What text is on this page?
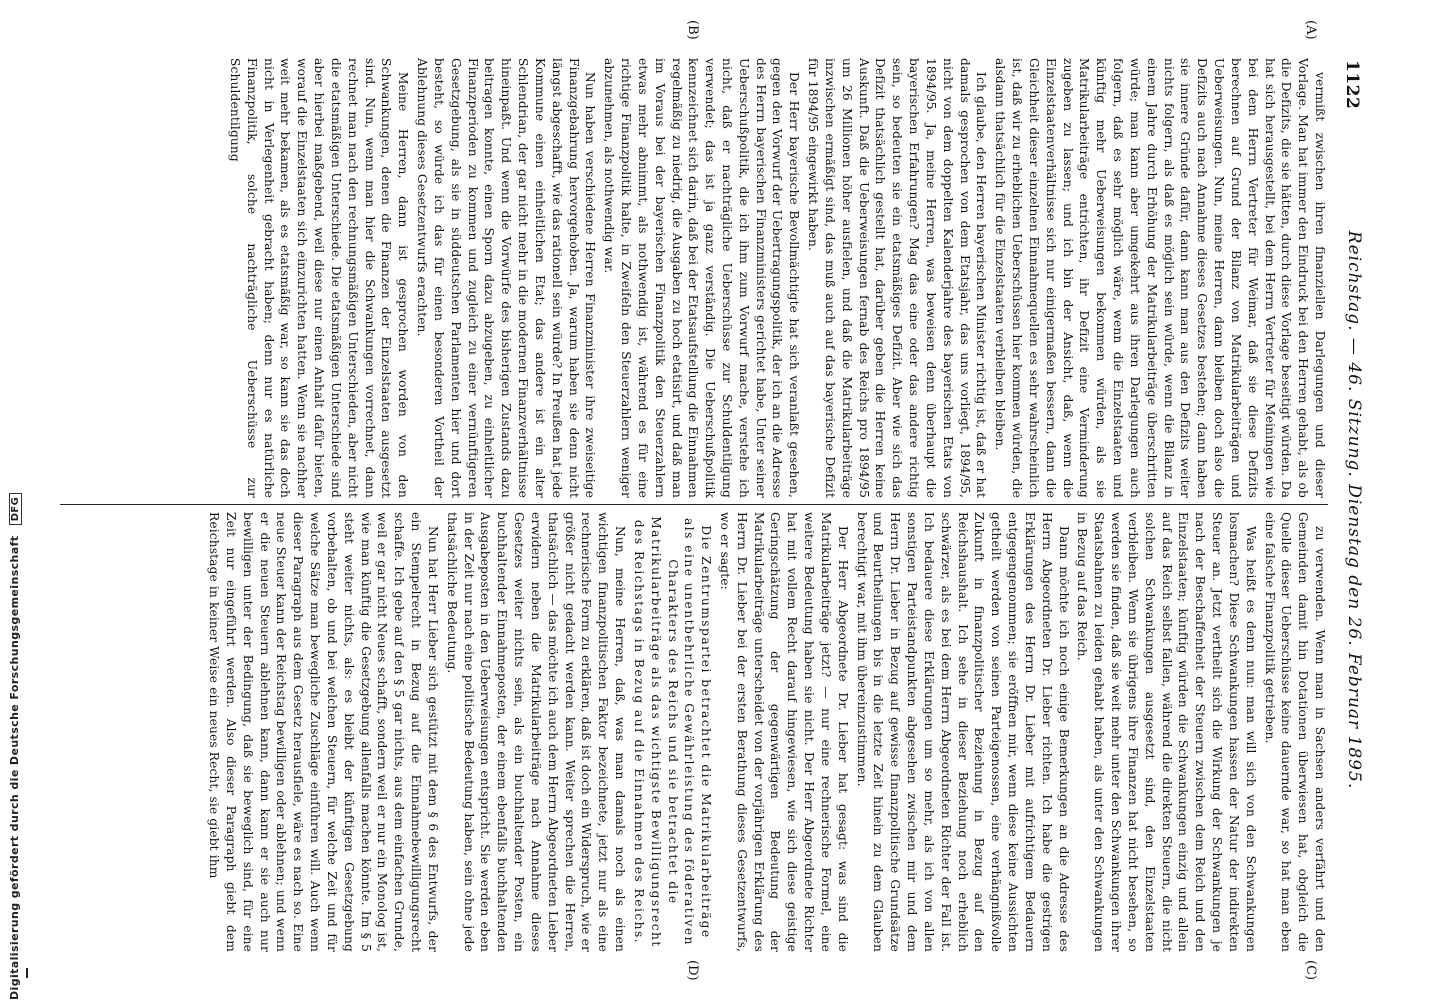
1122
Reichstag. — 46. Sitzung. Dienstag den 26. Februar 1895.
(A)
(B)
(C)
(D)

vermißt zwischen ihren finanziellen Darlegungen und dieser Vorlage. Man hat immer den Eindruck bei den Herren gehabt, als ob die Defizits, die sie hätten, durch diese Vorlage beseitigt würden. Da hat sich herausgestellt, bei dem Herrn Vertreter für Meiningen wie bei dem Herrn Vertreter für Weimar, daß sie diese Defizits berechnen auf Grund der Bilanz von Matrikularbeiträgen und Ueberweisungen. Nun, meine Herren, dann bleiben doch also die Defizits auch nach Annahme dieses Gesetzes bestehen; dann haben sie innere Gründe dafür, dann kann man aus den Defizits weiter nichts folgern, als daß es möglich sein würde, wenn die Bilanz in einem Jahre durch Erhöhung der Matrikularbeiträge überschritten würde; man kann aber umgekehrt aus ihren Darlegungen auch folgern, daß es sehr möglich wäre, wenn die Einzelstaaten und künftig mehr Ueberweisungen bekommen würden, als sie Matrikularbeiträge entrichten, ihr Defizit eine Verminderung zugeben zu lassen; und ich bin der Ansicht, daß, wenn die Einzelstaatenverhältnisse sich nur einigermaßen bessern, dann die Gleichheit dieser einzelnen Einnahmequellen es sehr wahrscheinlich ist, daß wir zu erheblichen Ueberschüssen hier kommen würden, die alsdann thatsächlich für die Einzelstaaten verbleiben bleiben.

Ich glaube, den Herren bayerischen Minister richtig ist, daß er hat damals gesprochen von dem Etatsjahr, das uns vorliegt, 1894/95, nicht von dem doppelten Kalenderjahre des bayerischen Etats von 1894/95. Ja, meine Herren, was beweisen denn überhaupt die bayerischen Erfahrungen? Mag das eine oder das andere richtig sein, so bedeuten sie ein etatsmäßiges Defizit. Aber wie sich das Defizit thatsächlich gestellt hat, darüber geben die Herren keine Auskunft. Daß die Ueberweisungen fernab des Reichs pro 1894/95 um 26 Millionen höher ausfielen, und daß die Matrikularbeiträge inzwischen ermäßigt sind, das muß auch auf das bayerische Defizit für 1894/95 eingewirkt haben.

Der Herr bayerische Bevollmächtigte hat sich veranlaßt gesehen, gegen den Vorwurf der Uebertragungspolitik, der ich an die Adresse des Herrn bayerischen Finanzministers gerichtet habe, Unter seiner Ueberschußpolitik, die ich ihm zum Vorwurf mache, verstehe ich nicht, daß er nachträgliche Ueberschüsse zur Schuldentilgung verwendet; das ist ja ganz verständig. Die Ueberschußpolitik kennzeichnet sich darin, daß bei der Etatsaufstellung die Einnahmen regelmäßig zu niedrig, die Ausgaben zu hoch etatisirt, und daß man im Voraus bei der bayerischen Finanzpolitik den Steuerzahlern etwas mehr abnimmt, als nothwendig ist, während es für eine richtige Finanzpolitik halte, in Zweifeln den Steuerzahlern weniger abzunehmen, als nothwendig war.

Nun haben verschiedene Herren Finanzminister ihre zweiseitige Finanzgebahrung hervorgehoben. Ja, warum haben sie denn nicht längst abgeschafft, wie das rationell sein würde? In Preußen hat jede Kommune einen einheitlichen Etat; das andere ist ein alter Schlendrian, der gar nicht mehr in die modernen Finanzverhältnisse hineinpaßt. Und wenn die Vorwürfe des bisherigen Zustands dazu beitragen konnte, einen Sporn dazu abzugeben, zu einheitlicher Finanzperioden zu kommen und zugleich zu einer vernünftigeren Gesetzgebung, als sie in süddeutschen Parlamenten hier und dort besteht, so würde ich das für einen besonderen Vortheil der Ablehnung dieses Gesetzentwurfs erachten.

Meine Herren, dann ist gesprochen worden von den Schwankungen, denen die Finanzen der Einzelstaaten ausgesetzt sind. Nun, wenn man hier die Schwankungen vorrechnet, dann rechnet man nach den rechnungsmäßigen Unterschieden, aber nicht die etatsmäßigen Unterschiede. Die etatsmäßigen Unterschiede sind aber hierbei maßgebend, weil diese nur einen Anhalt dafür bieten, worauf die Einzelstaaten sich einzurichten hatten. Wenn sie nachher weit mehr bekamen, als es etatsmäßig war, so kann sie das doch nicht in Verlegenheit gebracht haben; denn nur es natürliche Finanzpolitik, solche nachträgliche Ueberschüsse zur Schuldentilgung

zu verwenden. Wenn man in Sachsen anders verfährt und den Gemeinden damit hin Dotationen überwiesen hat, obgleich die Quelle dieser Ueberschüsse keine dauernde war, so hat man eben eine falsche Finanzpolitik getrieben.

Was heißt es denn nun: man will sich von den Schwankungen losmachen? Diese Schwankungen hassen der Natur der indirekten Steuer an. Jetzt vertheilt sich die Wirkung der Schwankungen je nach der Beschaffenheit der Steuern zwischen dem Reich und den Einzelstaaten; künftig würden die Schwankungen einzig und allein auf das Reich selbst fallen, während die direkten Steuern, die nicht solchen Schwankungen ausgesetzt sind, den Einzelstaaten verbleiben. Wenn sie übrigens ihre Finanzen hat nicht besehen, so werden sie finden, daß sie weit mehr unter den Schwankungen ihrer Staatsbahnen zu leiden gehabt haben, als unter den Schwankungen in Bezug auf das Reich.

Dann möchte ich noch einige Bemerkungen an die Adresse des Herrn Abgeordneten Dr. Lieber richten. Ich habe die gestrigen Erklärungen des Herrn Dr. Lieber mit aufrichtigem Bedauern entgegengenommen; sie eröffnen mir, wenn diese keine Aussichten getheilt werden von seinen Parteigenossen, eine verhängnißvolle Zukunft in finanzpolitischer Beziehung in Bezug auf den Reichshaushalt. Ich sehe in dieser Beziehung noch erheblich schwärzer, als es bei dem Herrn Abgeordneten Richter der Fall ist. Ich bedauere diese Erklärungen um so mehr, als ich von allen sonstigen Parteistandpunkten abgesehen zwischen mir und dem Herrn Dr. Lieber in Bezug auf gewisse finanzpolitische Grundsätze und Beurtheilungen bis in die letzte Zeit hinein zu dem Glauben berechtigt war, mit ihm übereinzustimmen.

Der Herr Abgeordnete Dr. Lieber hat gesagt: was sind die Matrikularbeiträge jetzt? — nur eine rechnerische Formel, eine weitere Bedeutung haben sie nicht. Der Herr Abgeordnete Richter hat mit vollem Recht darauf hingewiesen, wie sich diese geistige Geringschätzung der gegenwärtigen Bedeutung der Matrikularbeiträge unterscheidet von der vorjährigen Erklärung des Herrn Dr. Lieber bei der ersten Berathung dieses Gesetzentwurfs, wo er sagte:

Die Zentrumspartei betrachtet die Matrikularbeiträge als eine unentbehrliche Gewährleistung des föderativen Charakters des Reichs und sie betrachtet die Matrikularbeiträge als das wichtigste Bewilligungsrecht des Reichstags in Bezug auf die Einnahmen des Reichs.

Nun, meine Herren, daß, was man damals noch als einen wichtigen finanzpolitischen Faktor bezeichnete, jetzt nur als eine rechnerische Form zu erklären, daß ist doch ein Widerspruch, wie er größer nicht gedacht werden kann. Weiter sprechen die Herren, thatsächlich — das möchte ich auch dem Herrn Abgeordneten Lieber erwidern neben die Matrikularbeiträge nach Annahme dieses Gesetzes weiter nichts sein, als ein buchhaltender Posten, ein buchhaltender Einnahmeposten, der einem ebenfalls buchhaltenden Ausgabeposten in den Ueberweisungen entspricht. Sie werden eben in der Zeit nur nach eine politische Bedeutung haben, sein ohne jede thatsächliche Bedeutung.

Nun hat Herr Lieber sich gestützt mit dem § 6 des Entwurfs, der ein Stempelrecht in Bezug auf die Einnahmebewilligungsrecht schaffe. Ich gebe auf den § 5 gar nichts, aus dem einfachen Grunde, weil er gar nicht Neues schafft, sondern weil er nur ein Monolog ist, wie man künftig die Gesetzgebung allenfalls machen könnte. Im § 5 steht weiter nichts, als: es bleibt der künftigen Gesetzgebung vorbehalten, ob und bei welchen Steuern, für welche Zeit und für welche Sätze man bewegliche Zuschläge einführen will. Auch wenn dieser Paragraph aus dem Gesetz herausfiele, wäre es nach so. Eine neue Steuer kann der Reichstag bewilligen oder ablehnen; und wenn er die neuen Steuern ablehnen kann, dann kann er sie auch nur bewilligen unter der Bedingung, daß sie beweglich sind, für eine Zeit nur eingeführt werden. Also dieser Paragraph giebt dem Reichstage in keiner Weise ein neues Recht, sie giebt ihm

Digitalisierung gefördert durch die Deutsche Forschungsgemeinschaft DFG
